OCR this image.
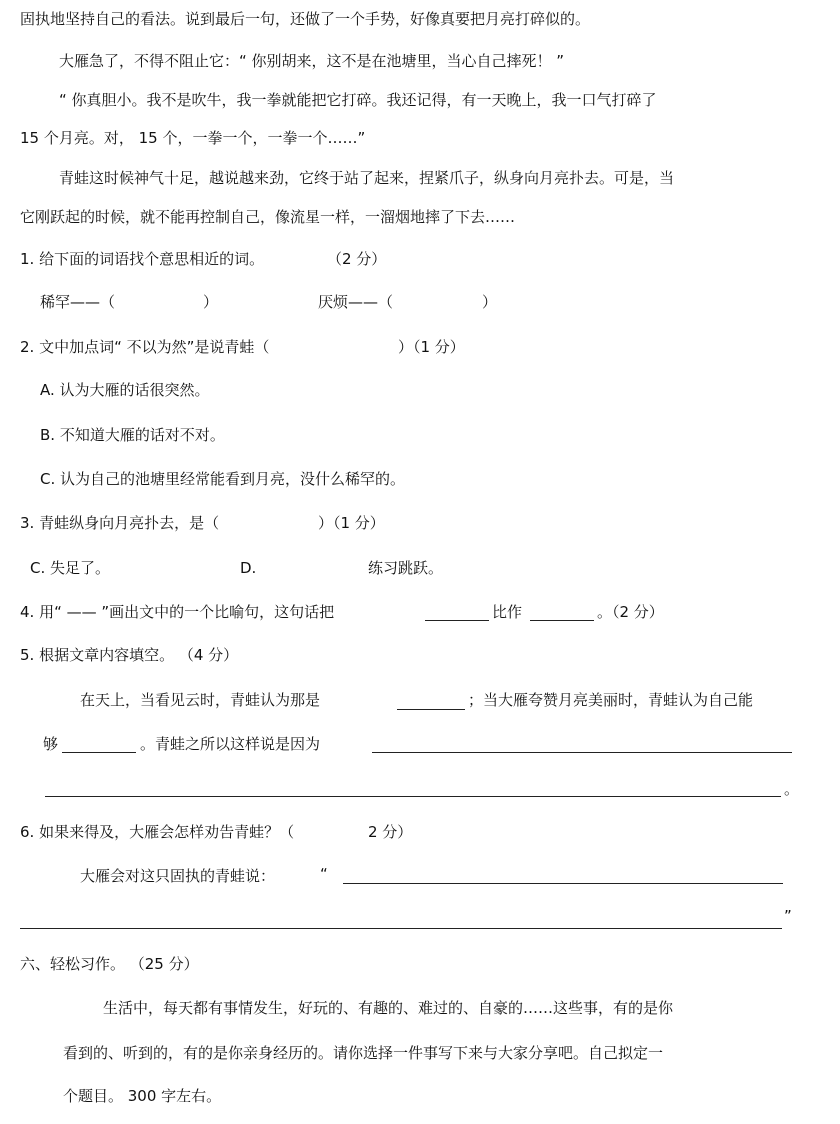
固执地坚持自己的看法。说到最后一句，还做了一个手势，好像真要把月亮打碎似的。
大雁急了，不得不阻止它：“ 你别胡来，这不是在池塘里，当心自己摔死！ ”
“ 你真胆小。我不是吹牛，我一拳就能把它打碎。我还记得，有一天晚上，我一口气打碎了
15 个月亮。对， 15 个，一拳一个，一拳一个……”
青蛙这时候神气十足，越说越来劲，它终于站了起来，捏紧爪子，纵身向月亮扑去。可是，当
它刚跃起的时候，就不能再控制自己，像流星一样，一溜烟地摔了下去……
1. 给下面的词语找个意思相近的词。	（2 分）
稀罕——（	）	厌烦——（	）
2. 文中加点词“ 不以为然”是说青蛙（	）（1 分）
A. 认为大雁的话很突然。
B. 不知道大雁的话对不对。
C. 认为自己的池塘里经常能看到月亮，没什么稀罕的。
3. 青蛙纵身向月亮扑去，是（	）（1 分）
C. 失足了。	D.	练习跳跃。
4. 用“ —— ”画出文中的一个比喻句，这句话把	比作	。（2 分）
5. 根据文章内容填空。 （4 分）
在天上，当看见云时，青蛙认为那是	；当大雁夸赞月亮美丽时，青蛙认为自己能
够	。青蛙之所以这样说是因为
。
6. 如果来得及，大雁会怎样劝告青蛙？（	2 分）
大雁会对这只固执的青蛙说：	“
”
六、轻松习作。 （25 分）
生活中，每天都有事情发生，好玩的、有趣的、难过的、自豪的……这些事，有的是你
看到的、听到的，有的是你亲身经历的。请你选择一件事写下来与大家分享吧。自己拟定一
个题目。 300 字左右。
